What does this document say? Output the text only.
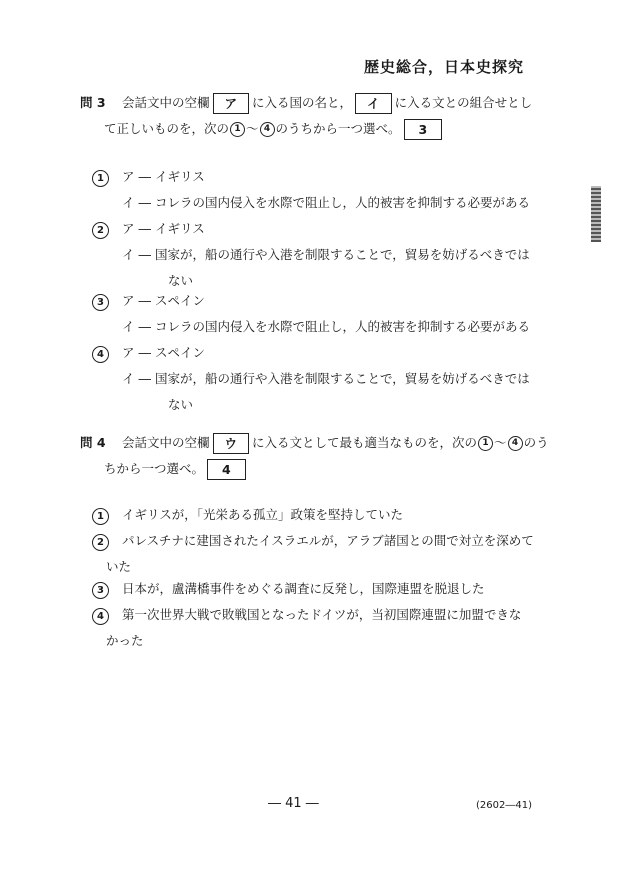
歴史総合，日本史探究
問 3 会話文中の空欄 ア に入る国の名と， イ に入る文との組合せとし
て正しいものを，次の 1 ～ 4 のうちから一つ選べ。 3
1	ア ― イギリス
イ ― コレラの国内侵入を水際で阻止し，人的被害を抑制する必要がある
2	ア ― イギリス
イ ― 国家が，船の通行や入港を制限することで，貿易を妨げるべきでは
ない
3	ア ― スペイン
イ ― コレラの国内侵入を水際で阻止し，人的被害を抑制する必要がある
4	ア ― スペイン
イ ― 国家が，船の通行や入港を制限することで，貿易を妨げるべきでは
ない
問 4 会話文中の空欄 ウ に入る文として最も適当なものを，次の 1 ～ 4 のう
ちから一つ選べ。 4
1	イギリスが，「光栄ある孤立」政策を堅持していた
2	パレスチナに建国されたイスラエルが，アラブ諸国との間で対立を深めて
いた
3	日本が，盧溝橋事件をめぐる調査に反発し，国際連盟を脱退した
4	第一次世界大戦で敗戦国となったドイツが，当初国際連盟に加盟できな
かった
― 41 ―	(2602―41)
